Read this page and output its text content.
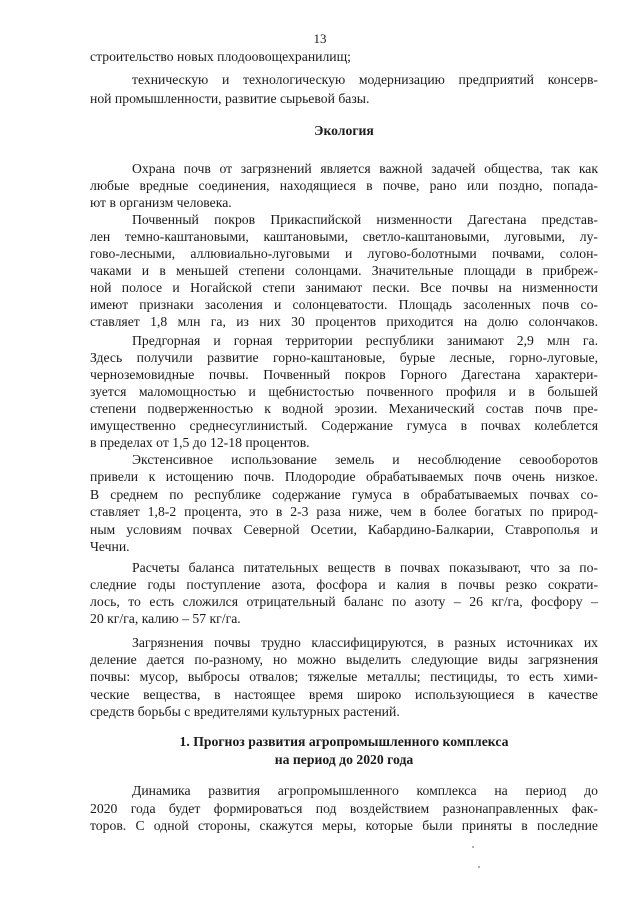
13
строительство новых плодоовощехранилищ;
техническую и технологическую модернизацию предприятий консерв-
ной промышленности, развитие сырьевой базы.
Экология
Охрана почв от загрязнений является важной задачей общества, так как
любые вредные соединения, находящиеся в почве, рано или поздно, попада-
ют в организм человека.
Почвенный покров Прикаспийской низменности Дагестана представ-
лен темно-каштановыми, каштановыми, светло-каштановыми, луговыми, лу-
гово-лесными, аллювиально-луговыми и лугово-болотными почвами, солон-
чаками и в меньшей степени солонцами. Значительные площади в прибреж-
ной полосе и Ногайской степи занимают пески. Все почвы на низменности
имеют признаки засоления и солонцеватости. Площадь засоленных почв со-
ставляет 1,8 млн га, из них 30 процентов приходится на долю солончаков.
Предгорная и горная территории республики занимают 2,9 млн га.
Здесь получили развитие горно-каштановые, бурые лесные, горно-луговые,
черноземовидные почвы. Почвенный покров Горного Дагестана характери-
зуется маломощностью и щебнистостью почвенного профиля и в большей
степени подверженностью к водной эрозии. Механический состав почв пре-
имущественно среднесуглинистый. Содержание гумуса в почвах колеблется
в пределах от 1,5 до 12-18 процентов.
Экстенсивное использование земель и несоблюдение севооборотов
привели к истощению почв. Плодородие обрабатываемых почв очень низкое.
В среднем по республике содержание гумуса в обрабатываемых почвах со-
ставляет 1,8-2 процента, это в 2-3 раза ниже, чем в более богатых по природ-
ным условиям почвах Северной Осетии, Кабардино-Балкарии, Ставрополья и
Чечни.
Расчеты баланса питательных веществ в почвах показывают, что за по-
следние годы поступление азота, фосфора и калия в почвы резко сократи-
лось, то есть сложился отрицательный баланс по азоту – 26 кг/га, фосфору –
20 кг/га, калию – 57 кг/га.
Загрязнения почвы трудно классифицируются, в разных источниках их
деление дается по-разному, но можно выделить следующие виды загрязнения
почвы: мусор, выбросы отвалов; тяжелые металлы; пестициды, то есть хими-
ческие вещества, в настоящее время широко использующиеся в качестве
средств борьбы с вредителями культурных растений.
1. Прогноз развития агропромышленного комплекса
на период до 2020 года
Динамика развития агропромышленного комплекса на период до
2020 года будет формироваться под воздействием разнонаправленных фак-
торов. С одной стороны, скажутся меры, которые были приняты в последние
